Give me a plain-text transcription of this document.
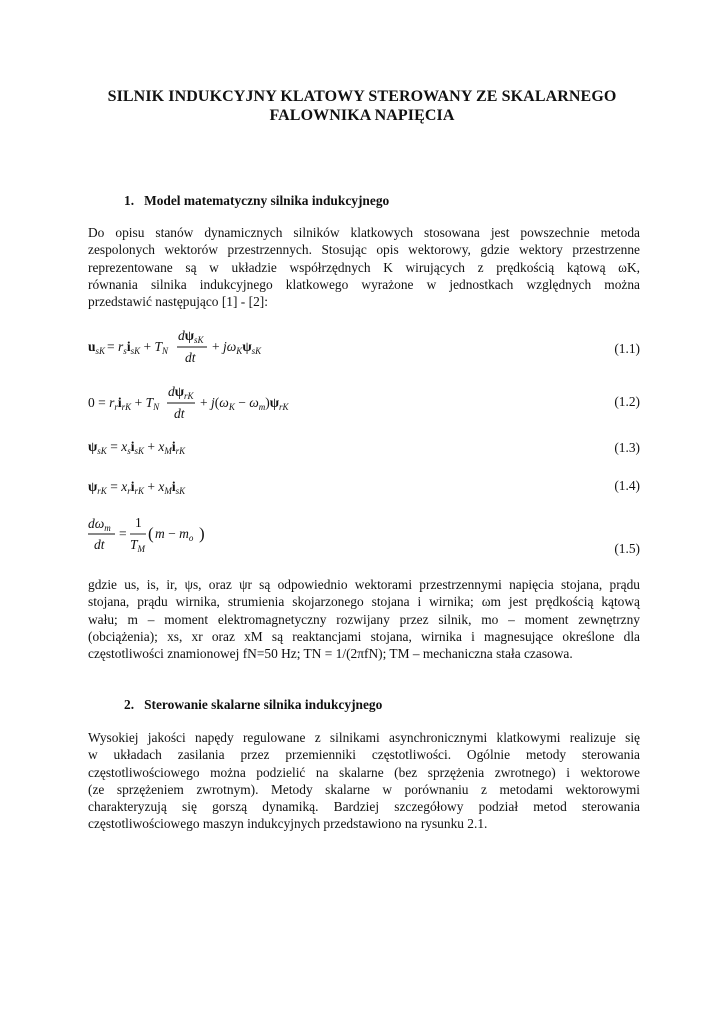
SILNIK INDUKCYJNY KLATOWY STEROWANY ZE SKALARNEGO
FALOWNIKA NAPIĘCIA
1.   Model matematyczny silnika indukcyjnego
Do opisu stanów dynamicznych silników klatkowych stosowana jest powszechnie metoda
zespolonych wektorów przestrzennych. Stosując opis wektorowy, gdzie wektory przestrzenne
reprezentowane są w układzie współrzędnych K wirujących z prędkością kątową ωK,
równania silnika indukcyjnego klatkowego wyrażone w jednostkach względnych można
przedstawić następująco [1] - [2]:
$u_{sK} = r_si_{sK} + T_N$
$d\psi_{sK}$
dt
+ $j\omega_K\psi_{sK}$	(1.1)
$0 = r_ri_{rK} + T_N$
$d\psi_{rK}$
dt
+ $j(\omega_K - \omega_m)\psi_{rK}$	(1.2)
$\psi_{sK} = x_si_{sK} + x_Mi_{rK}$	(1.3)
$\psi_{rK} = x_ri_{rK} + x_Mi_{sK}$	(1.4)
$d\omega_m$
dt
=
1
$T_M$
( $m - m_o$ )
(1.5)
gdzie us, is, ir, ψs, oraz ψr są odpowiednio wektorami przestrzennymi napięcia stojana, prądu
stojana, prądu wirnika, strumienia skojarzonego stojana i wirnika; ωm jest prędkością kątową
wału; m – moment elektromagnetyczny rozwijany przez silnik, mo – moment zewnętrzny
(obciążenia); xs, xr oraz xM są reaktancjami stojana, wirnika i magnesujące określone dla
częstotliwości znamionowej fN=50 Hz; TN = 1/(2πfN); TM – mechaniczna stała czasowa.
2.   Sterowanie skalarne silnika indukcyjnego
Wysokiej jakości napędy regulowane z silnikami asynchronicznymi klatkowymi realizuje się
w układach zasilania przez przemienniki częstotliwości. Ogólnie metody sterowania
częstotliwościowego można podzielić na skalarne (bez sprzężenia zwrotnego) i wektorowe
(ze sprzężeniem zwrotnym). Metody skalarne w porównaniu z metodami wektorowymi
charakteryzują się gorszą dynamiką. Bardziej szczegółowy podział metod sterowania
częstotliwościowego maszyn indukcyjnych przedstawiono na rysunku 2.1.
